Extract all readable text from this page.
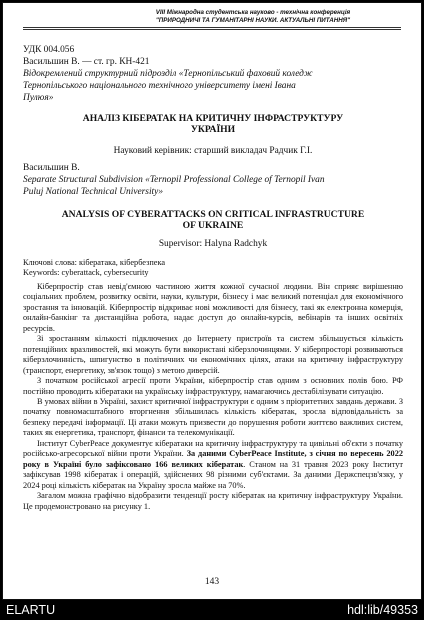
VIII Міжнародна студентська науково - технічна конференція
"ПРИРОДНИЧІ ТА ГУМАНІТАРНІ НАУКИ. АКТУАЛЬНІ ПИТАННЯ"
УДК 004.056
Васильшин В. — ст. гр. КН-421
Відокремлений структурний підрозділ «Тернопільський фаховий коледж
Тернопільського національного технічного університету імені Івана
Пулюя»
АНАЛІЗ КІБЕРАТАК НА КРИТИЧНУ ІНФРАСТРУКТУРУ
УКРАЇНИ
Науковий керівник: старший викладач Радчик Г.І.
Васильшин В.
Separate Structural Subdivision «Ternopil Professional College of Ternopil Ivan
Puluj National Technical University»
ANALYSIS OF CYBERATTACKS ON CRITICAL INFRASTRUCTURE
OF UKRAINE
Supervisor: Halyna Radchyk
Ключові слова: кібератака, кібербезпека
Keywords: cyberattack, cybersecurity

Кіберпростір став невід'ємною частиною життя кожної сучасної людини. Він сприяє вирішенню соціальних проблем, розвитку освіти, науки, культури, бізнесу і має великий потенціал для економічного зростання та інновацій. Кіберпростір відкриває нові можливості для бізнесу, такі як електронна комерція, онлайн-банкінг та дистанційна робота, надає доступ до онлайн-курсів, вебінарів та інших освітніх ресурсів.

Зі зростанням кількості підключених до Інтернету пристроїв та систем збільшується кількість потенційних вразливостей, які можуть бути використані кіберзлочинцями. У кіберпросторі розвиваються кіберзлочинність, шпигунство в політичних чи економічних цілях, атаки на критичну інфраструктуру (транспорт, енергетику, зв'язок тощо) з метою диверсій.

З початком російської агресії проти України, кіберпростір став одним з основних полів бою. РФ постійно проводить кібератаки на українську інфраструктуру, намагаючись дестабілізувати ситуацію.

В умовах війни в Україні, захист критичної інфраструктури є одним з пріоритетних завдань держави. З початку повномасштабного вторгнення збільшилась кількість кібератак, зросла відповідальність за безпеку передачі інформації. Ці атаки можуть призвести до порушення роботи життєво важливих систем, таких як енергетика, транспорт, фінанси та телекомунікації.

Інститут CyberPeace документує кібератаки на критичну інфраструктуру та цивільні об'єкти з початку російсько-агресорської війни проти України. За даними CyberPeace Institute, з січня по вересень 2022 року в Україні було зафіксовано 166 великих кібератак. Станом на 31 травня 2023 року Інститут зафіксував 1998 кібератак і операцій, здійснених 98 різними суб'єктами. За даними Держспецзв'язку, у 2024 році кількість кібератак на Україну зросла майже на 70%.

Загалом можна графічно відобразити тенденції росту кібератак на критичну інфраструктуру України. Це продемонстровано на рисунку 1.

143
ELARTU	hdl:lib/49353
